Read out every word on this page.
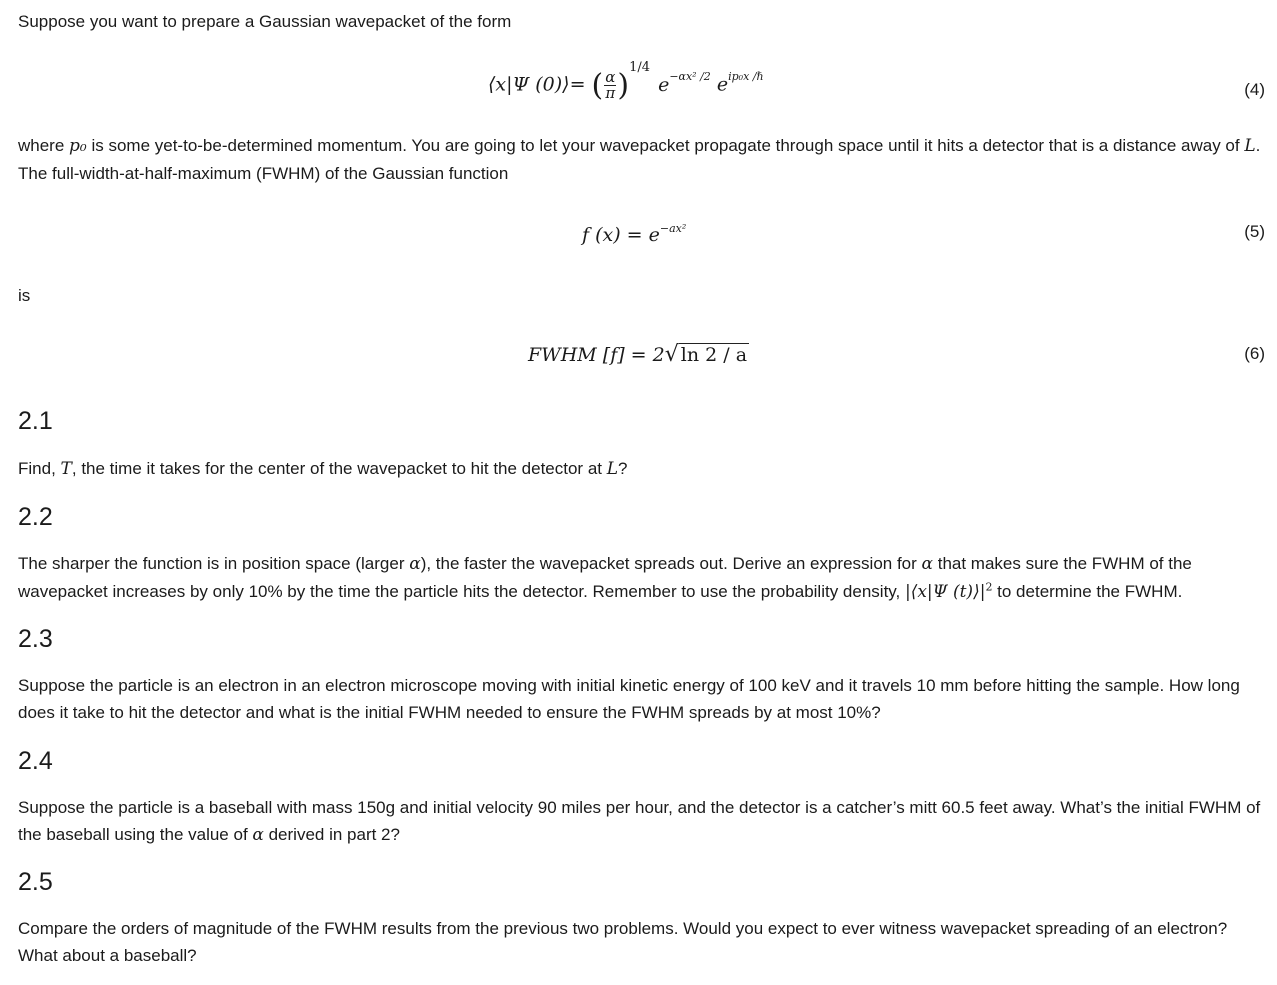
Suppose you want to prepare a Gaussian wavepacket of the form

⟨x|Ψ (0)⟩= ( $\frac{\alpha}{\pi} )^{1/4}$ $e^{-\alpha x^2 /2}$ $e^{ip_0x /\hbar}$
(4)

where p₀ is some yet-to-be-determined momentum. You are going to let your wavepacket propagate through space until it hits a detector that is a distance away of L. The full-width-at-half-maximum (FWHM) of the Gaussian function

f $(x) = e^{-ax^2}$	(5)

is

FWHM [f] = 2√ ln 2 / a	(6)
2.1

Find, T, the time it takes for the center of the wavepacket to hit the detector at L?

2.2

The sharper the function is in position space (larger α), the faster the wavepacket spreads out. Derive an expression for α that makes sure the FWHM of the wavepacket increases by only 10% by the time the particle hits the detector. Remember to use the probability density, |⟨x|Ψ $(t)⟩|^2$ to determine the FWHM.

2.3

Suppose the particle is an electron in an electron microscope moving with initial kinetic energy of 100 keV and it travels 10 mm before hitting the sample. How long does it take to hit the detector and what is the initial FWHM needed to ensure the FWHM spreads by at most 10%?

2.4

Suppose the particle is a baseball with mass 150g and initial velocity 90 miles per hour, and the detector is a catcher’s mitt 60.5 feet away. What’s the initial FWHM of the baseball using the value of α derived in part 2?

2.5

Compare the orders of magnitude of the FWHM results from the previous two problems. Would you expect to ever witness wavepacket spreading of an electron? What about a baseball?
